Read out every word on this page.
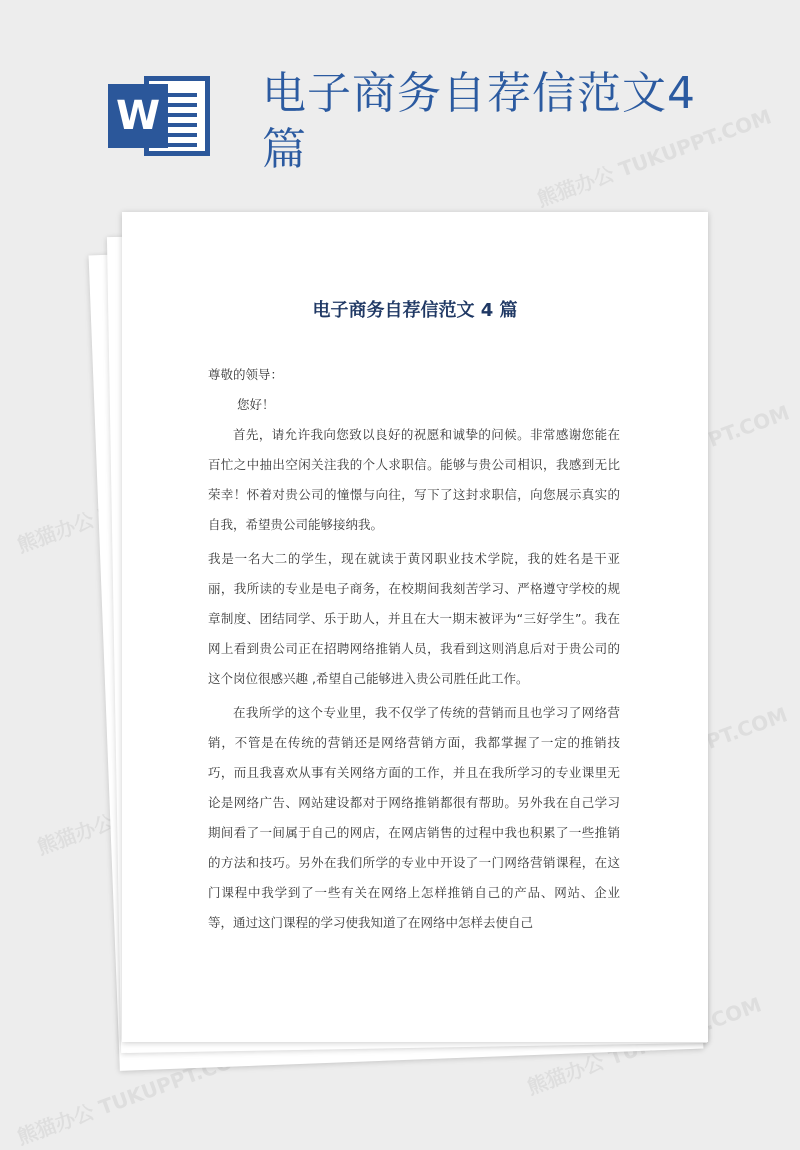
W 电子商务自荐信范文4篇	熊猫办公 TUKUPPT.COM
熊猫办公
TUKUPPT.COM
熊猫办公
TUKUPPT.COM
熊猫办公
熊猫办公 TUKUPPT.COM
电子商务自荐信范文 4 篇

尊敬的领导：

您好！

首先，请允许我向您致以良好的祝愿和诚挚的问候。非常感谢您能在百忙之中抽出空闲关注我的个人求职信。能够与贵公司相识，我感到无比荣幸！怀着对贵公司的憧憬与向往，写下了这封求职信，向您展示真实的自我，希望贵公司能够接纳我。

我是一名大二的学生，现在就读于黄冈职业技术学院，我的姓名是干亚丽，我所读的专业是电子商务，在校期间我刻苦学习、严格遵守学校的规章制度、团结同学、乐于助人，并且在大一期末被评为“三好学生”。我在网上看到贵公司正在招聘网络推销人员，我看到这则消息后对于贵公司的这个岗位很感兴趣 ,希望自己能够进入贵公司胜任此工作。

在我所学的这个专业里，我不仅学了传统的营销而且也学习了网络营销，不管是在传统的营销还是网络营销方面，我都掌握了一定的推销技巧，而且我喜欢从事有关网络方面的工作，并且在我所学习的专业课里无论是网络广告、网站建设都对于网络推销都很有帮助。另外我在自己学习期间看了一间属于自己的网店，在网店销售的过程中我也积累了一些推销的方法和技巧。另外在我们所学的专业中开设了一门网络营销课程，在这门课程中我学到了一些有关在网络上怎样推销自己的产品、网站、企业等，通过这门课程的学习使我知道了在网络中怎样去使自己
